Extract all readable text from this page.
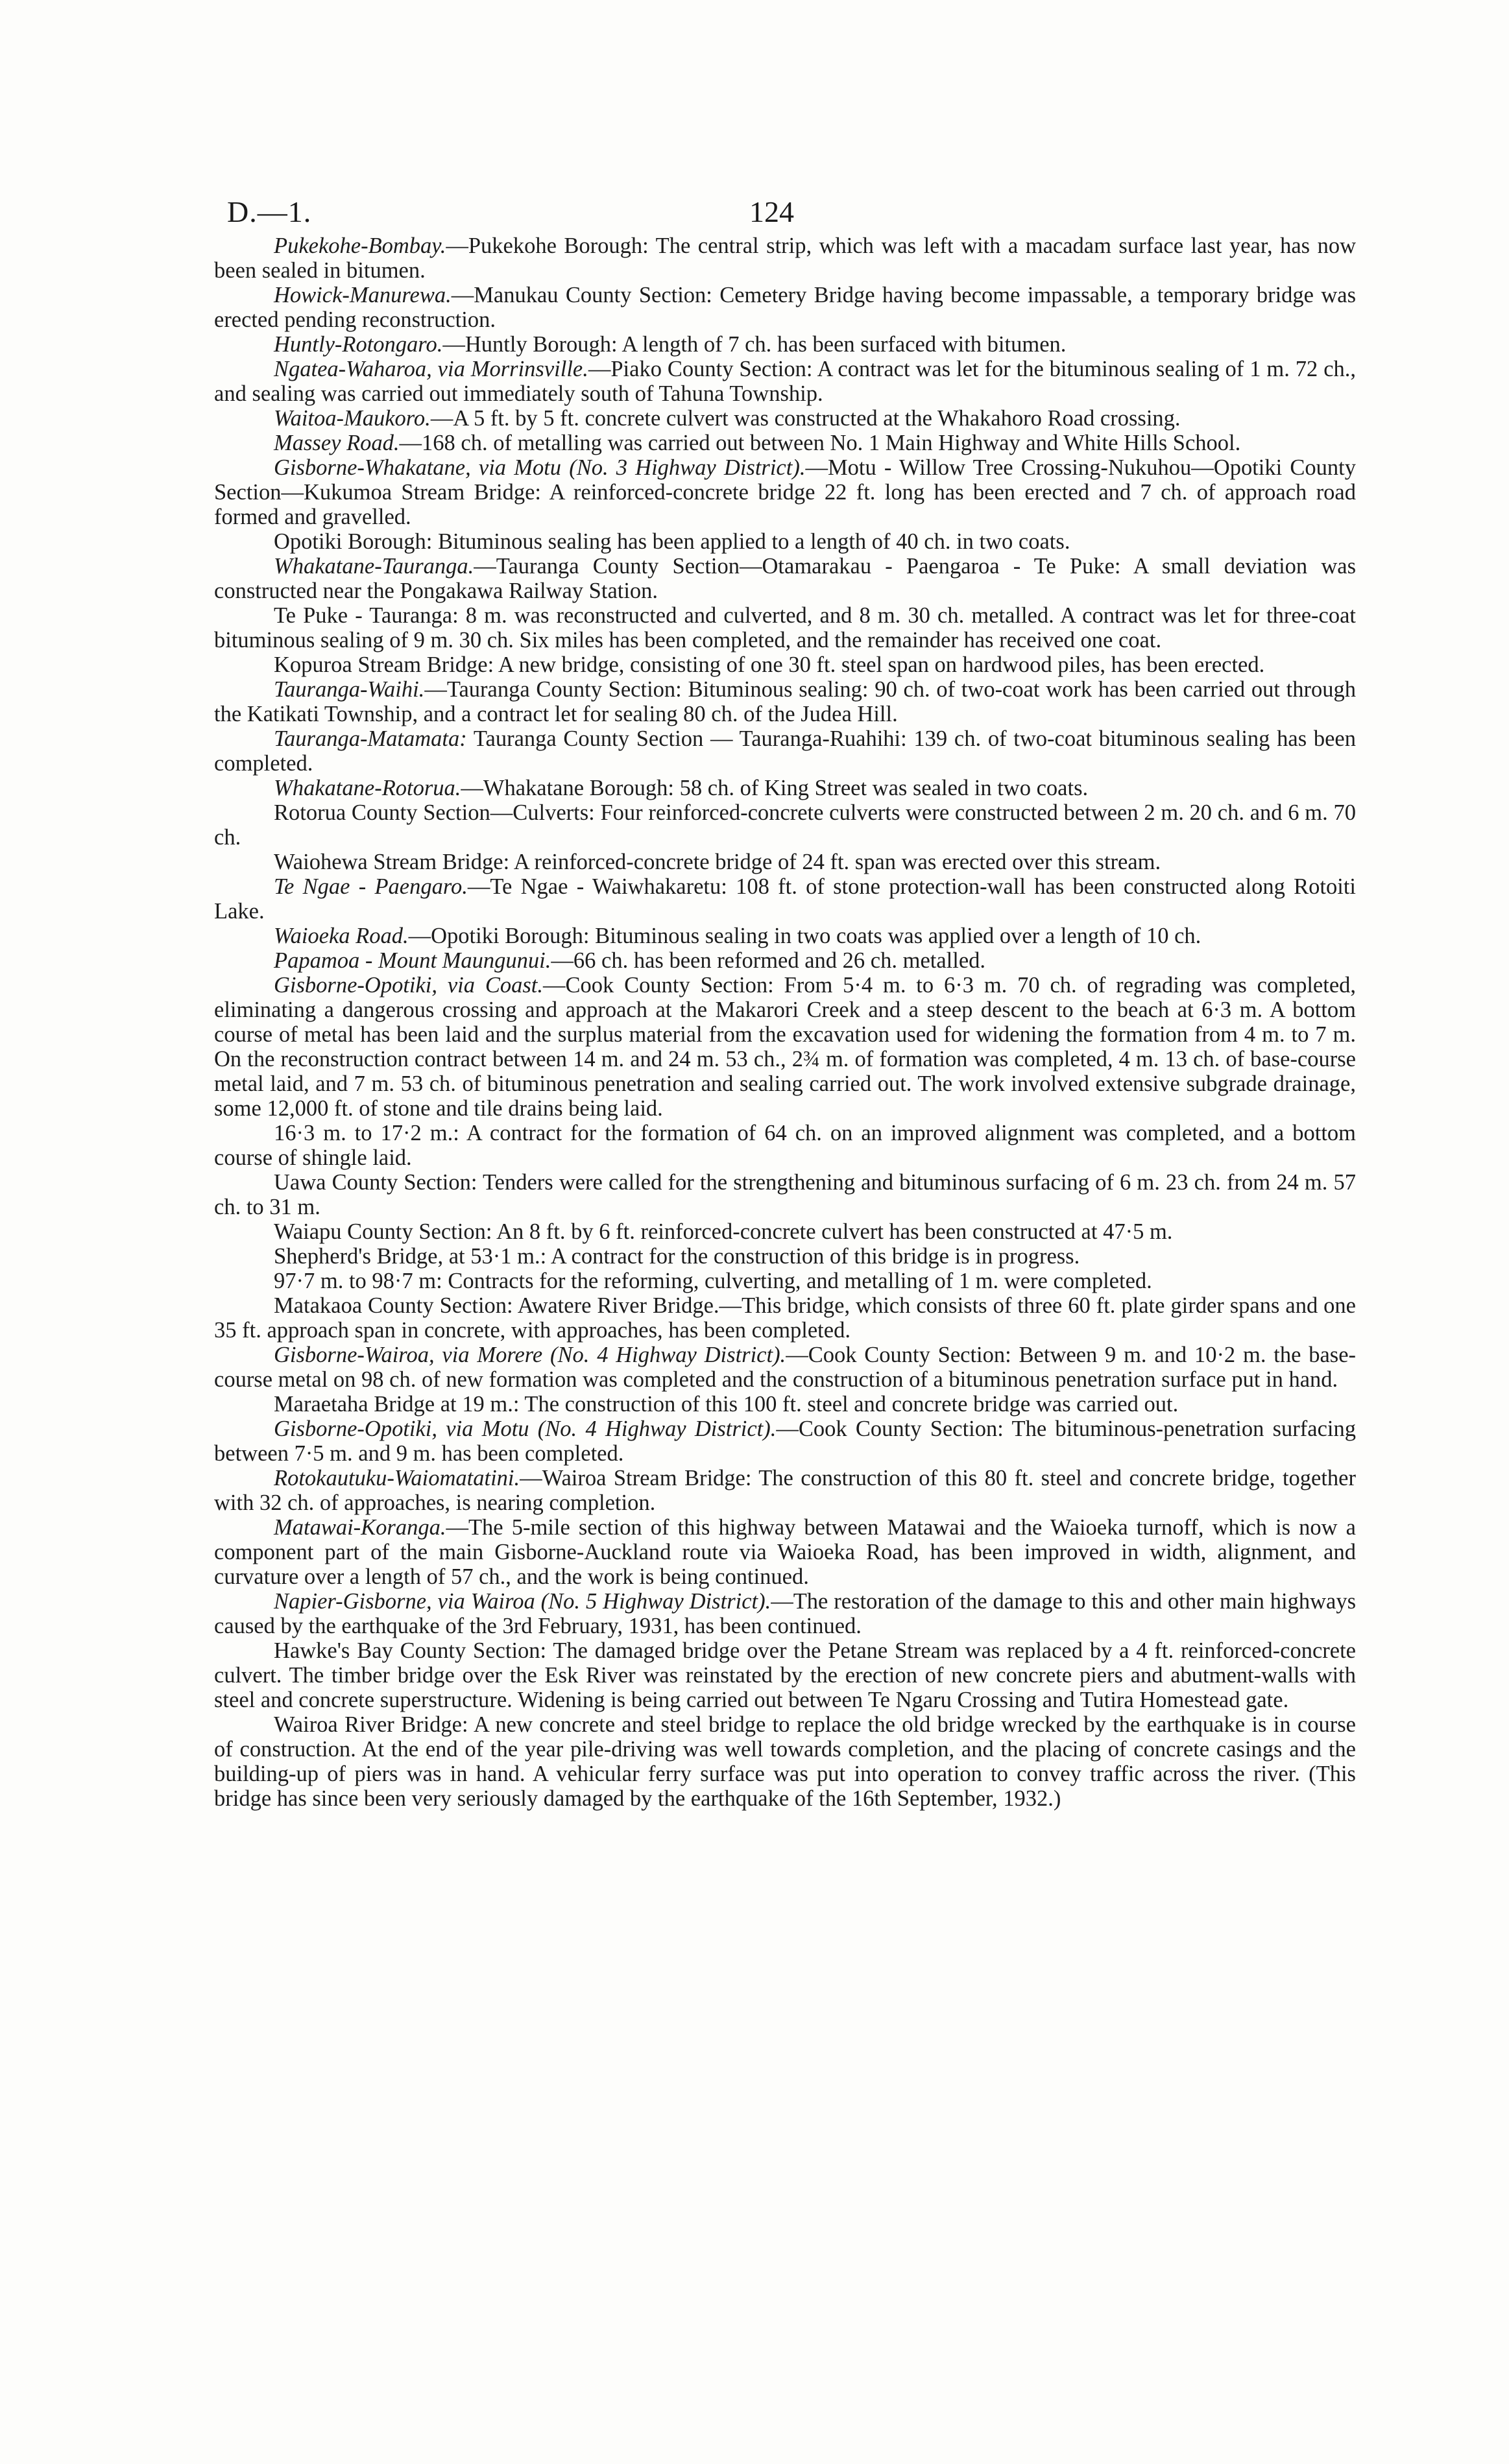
D.—1.	124

Pukekohe-Bombay.—Pukekohe Borough: The central strip, which was left with a macadam surface last year, has now been sealed in bitumen.

Howick-Manurewa.—Manukau County Section: Cemetery Bridge having become impassable, a temporary bridge was erected pending reconstruction.

Huntly-Rotongaro.—Huntly Borough: A length of 7 ch. has been surfaced with bitumen.

Ngatea-Waharoa, via Morrinsville.—Piako County Section: A contract was let for the bituminous sealing of 1 m. 72 ch., and sealing was carried out immediately south of Tahuna Township.

Waitoa-Maukoro.—A 5 ft. by 5 ft. concrete culvert was constructed at the Whakahoro Road crossing.

Massey Road.—168 ch. of metalling was carried out between No. 1 Main Highway and White Hills School.

Gisborne-Whakatane, via Motu (No. 3 Highway District).—Motu - Willow Tree Crossing-Nukuhou—Opotiki County Section—Kukumoa Stream Bridge: A reinforced-concrete bridge 22 ft. long has been erected and 7 ch. of approach road formed and gravelled.

Opotiki Borough: Bituminous sealing has been applied to a length of 40 ch. in two coats.

Whakatane-Tauranga.—Tauranga County Section—Otamarakau - Paengaroa - Te Puke: A small deviation was constructed near the Pongakawa Railway Station.

Te Puke - Tauranga: 8 m. was reconstructed and culverted, and 8 m. 30 ch. metalled. A contract was let for three-coat bituminous sealing of 9 m. 30 ch. Six miles has been completed, and the remainder has received one coat.

Kopuroa Stream Bridge: A new bridge, consisting of one 30 ft. steel span on hardwood piles, has been erected.

Tauranga-Waihi.—Tauranga County Section: Bituminous sealing: 90 ch. of two-coat work has been carried out through the Katikati Township, and a contract let for sealing 80 ch. of the Judea Hill.

Tauranga-Matamata: Tauranga County Section — Tauranga-Ruahihi: 139 ch. of two-coat bituminous sealing has been completed.

Whakatane-Rotorua.—Whakatane Borough: 58 ch. of King Street was sealed in two coats.

Rotorua County Section—Culverts: Four reinforced-concrete culverts were constructed between 2 m. 20 ch. and 6 m. 70 ch.

Waiohewa Stream Bridge: A reinforced-concrete bridge of 24 ft. span was erected over this stream.

Te Ngae - Paengaro.—Te Ngae - Waiwhakaretu: 108 ft. of stone protection-wall has been constructed along Rotoiti Lake.

Waioeka Road.—Opotiki Borough: Bituminous sealing in two coats was applied over a length of 10 ch.

Papamoa - Mount Maungunui.—66 ch. has been reformed and 26 ch. metalled.

Gisborne-Opotiki, via Coast.—Cook County Section: From 5·4 m. to 6·3 m. 70 ch. of regrading was completed, eliminating a dangerous crossing and approach at the Makarori Creek and a steep descent to the beach at 6·3 m. A bottom course of metal has been laid and the surplus material from the excavation used for widening the formation from 4 m. to 7 m. On the reconstruction contract between 14 m. and 24 m. 53 ch., 2¾ m. of formation was completed, 4 m. 13 ch. of base-course metal laid, and 7 m. 53 ch. of bituminous penetration and sealing carried out. The work involved extensive subgrade drainage, some 12,000 ft. of stone and tile drains being laid.

16·3 m. to 17·2 m.: A contract for the formation of 64 ch. on an improved alignment was completed, and a bottom course of shingle laid.

Uawa County Section: Tenders were called for the strengthening and bituminous surfacing of 6 m. 23 ch. from 24 m. 57 ch. to 31 m.

Waiapu County Section: An 8 ft. by 6 ft. reinforced-concrete culvert has been constructed at 47·5 m.

Shepherd's Bridge, at 53·1 m.: A contract for the construction of this bridge is in progress.

97·7 m. to 98·7 m: Contracts for the reforming, culverting, and metalling of 1 m. were completed.

Matakaoa County Section: Awatere River Bridge.—This bridge, which consists of three 60 ft. plate girder spans and one 35 ft. approach span in concrete, with approaches, has been completed.

Gisborne-Wairoa, via Morere (No. 4 Highway District).—Cook County Section: Between 9 m. and 10·2 m. the base-course metal on 98 ch. of new formation was completed and the construction of a bituminous penetration surface put in hand.

Maraetaha Bridge at 19 m.: The construction of this 100 ft. steel and concrete bridge was carried out.

Gisborne-Opotiki, via Motu (No. 4 Highway District).—Cook County Section: The bituminous-penetration surfacing between 7·5 m. and 9 m. has been completed.

Rotokautuku-Waiomatatini.—Wairoa Stream Bridge: The construction of this 80 ft. steel and concrete bridge, together with 32 ch. of approaches, is nearing completion.

Matawai-Koranga.—The 5-mile section of this highway between Matawai and the Waioeka turnoff, which is now a component part of the main Gisborne-Auckland route via Waioeka Road, has been improved in width, alignment, and curvature over a length of 57 ch., and the work is being continued.

Napier-Gisborne, via Wairoa (No. 5 Highway District).—The restoration of the damage to this and other main highways caused by the earthquake of the 3rd February, 1931, has been continued.

Hawke's Bay County Section: The damaged bridge over the Petane Stream was replaced by a 4 ft. reinforced-concrete culvert. The timber bridge over the Esk River was reinstated by the erection of new concrete piers and abutment-walls with steel and concrete superstructure. Widening is being carried out between Te Ngaru Crossing and Tutira Homestead gate.

Wairoa River Bridge: A new concrete and steel bridge to replace the old bridge wrecked by the earthquake is in course of construction. At the end of the year pile-driving was well towards completion, and the placing of concrete casings and the building-up of piers was in hand. A vehicular ferry surface was put into operation to convey traffic across the river. (This bridge has since been very seriously damaged by the earthquake of the 16th September, 1932.)
